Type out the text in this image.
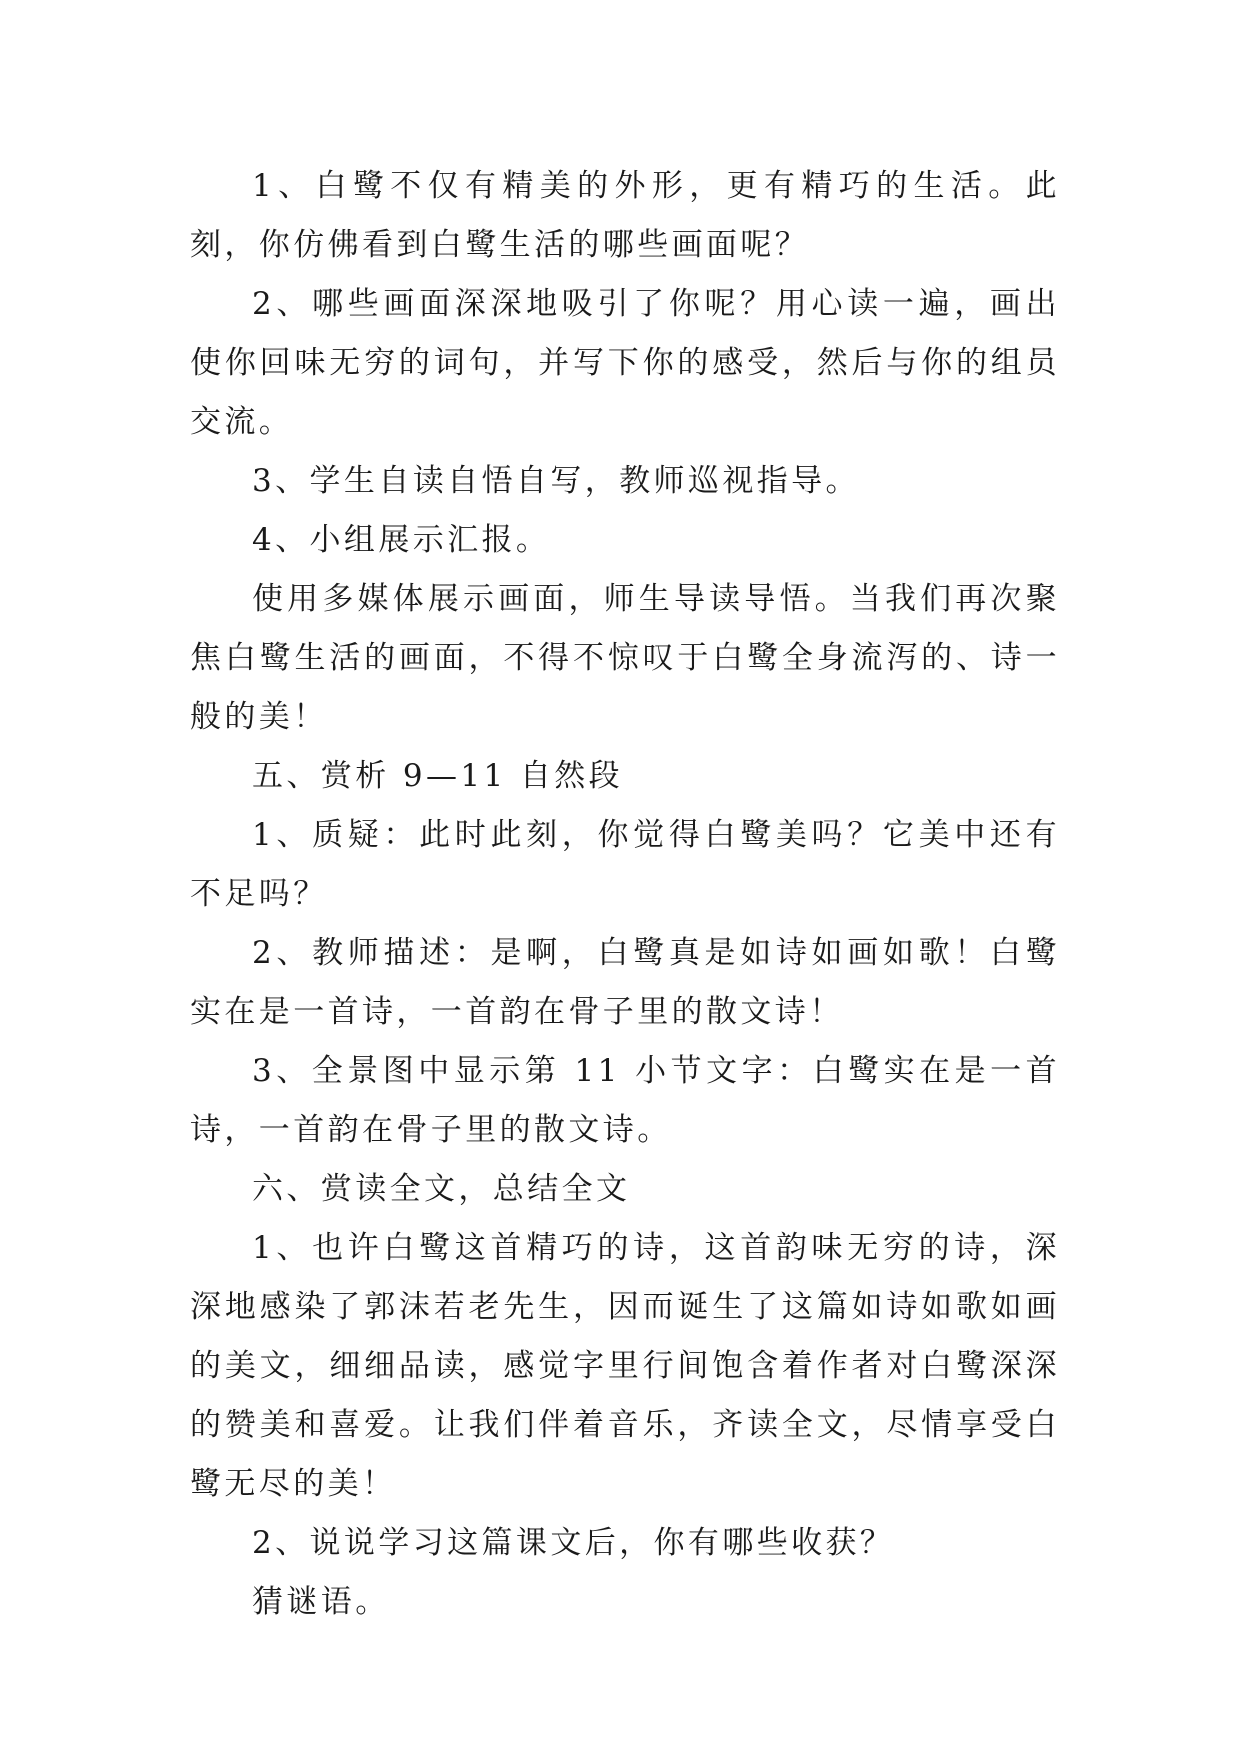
1、白鹭不仅有精美的外形，更有精巧的生活。此刻，你仿佛看到白鹭生活的哪些画面呢？

2、哪些画面深深地吸引了你呢？用心读一遍，画出使你回味无穷的词句，并写下你的感受，然后与你的组员交流。

3、学生自读自悟自写，教师巡视指导。

4、小组展示汇报。

使用多媒体展示画面，师生导读导悟。当我们再次聚焦白鹭生活的画面，不得不惊叹于白鹭全身流泻的、诗一般的美！

五、赏析 9—11 自然段

1、质疑：此时此刻，你觉得白鹭美吗？它美中还有不足吗？

2、教师描述：是啊，白鹭真是如诗如画如歌！白鹭实在是一首诗，一首韵在骨子里的散文诗！

3、全景图中显示第 11 小节文字：白鹭实在是一首诗，一首韵在骨子里的散文诗。

六、赏读全文，总结全文

1、也许白鹭这首精巧的诗，这首韵味无穷的诗，深深地感染了郭沫若老先生，因而诞生了这篇如诗如歌如画的美文，细细品读，感觉字里行间饱含着作者对白鹭深深的赞美和喜爱。让我们伴着音乐，齐读全文，尽情享受白鹭无尽的美！

2、说说学习这篇课文后，你有哪些收获？

猜谜语。
